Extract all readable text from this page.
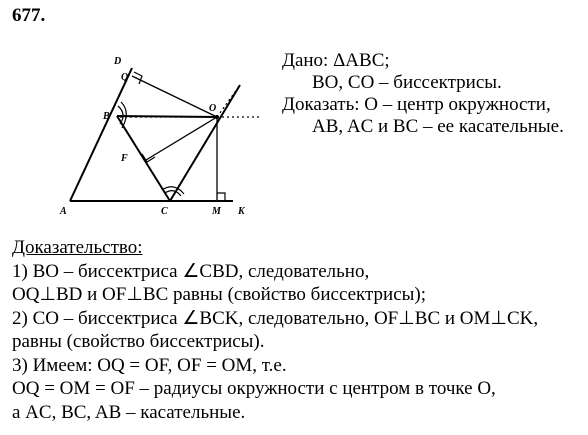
677.
D
Q
B
O
F
A	C	M K
Дано: ΔABC;
BO, CO – биссектрисы.
Доказать: O – центр окружности,
AB, AC и BC – ее касательные.
Доказательство:
1) BO – биссектриса ∠CBD, следовательно,
OQ⊥BD и OF⊥BC равны (свойство биссектрисы);
2) CO – биссектриса ∠BCK, следовательно, OF⊥BC и OM⊥CK,
равны (свойство биссектрисы).
3) Имеем: OQ = OF, OF = OM, т.е.
OQ = OM = OF – радиусы окружности с центром в точке O,
а AC, BC, AB – касательные.
